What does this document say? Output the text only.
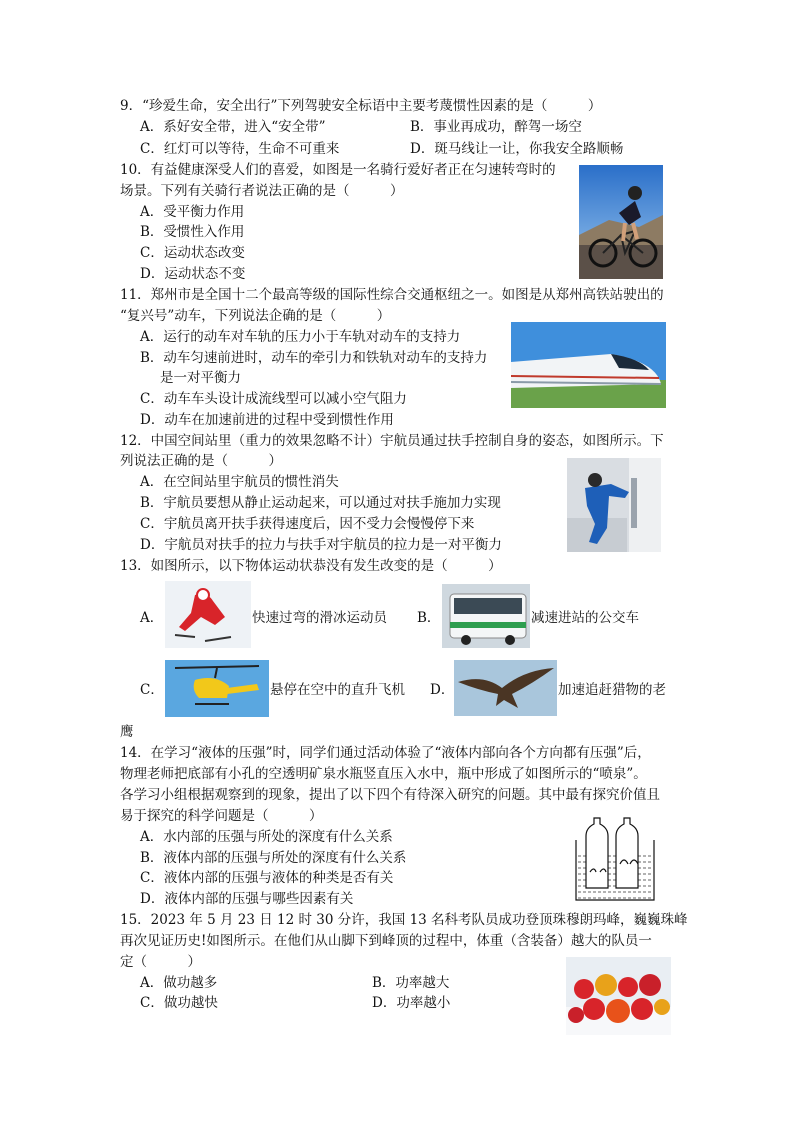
9．“珍爱生命，安全出行”下列驾驶安全标语中主要考蔑惯性因素的是（　　　）
A．系好安全带，进入“安全带”	B．事业再成功，醉驾一场空
C．红灯可以等待，生命不可重来	D．斑马线让一让，你我安全路顺畅
10．有益健康深受人们的喜爱，如图是一名骑行爱好者正在匀速转弯时的
场景。下列有关骑行者说法正确的是（　　　）
A．受平衡力作用
B．受惯性入作用
C．运动状态改变
D．运动状态不变
11．郑州市是全国十二个最高等级的国际性综合交通枢纽之一。如图是从郑州高铁站驶出的
“复兴号”动车，下列说法企确的是（　　　）
A．运行的动车对车轨的压力小于车轨对动车的支持力
B．动车匀速前进时，动车的牵引力和铁轨对动车的支持力
是一对平衡力
C．动车车头设计成流线型可以减小空气阻力
D．动车在加速前进的过程中受到惯性作用
12．中国空间站里（重力的效果忽略不计）宇航员通过扶手控制自身的姿态，如图所示。下
列说法正确的是（　　　）
A．在空间站里宇航员的惯性消失
B．宇航员要想从静止运动起来，可以通过对扶手施加力实现
C．宇航员离开扶手获得速度后，因不受力会慢慢停下来
D．宇航员对扶手的拉力与扶手对宇航员的拉力是一对平衡力
13．如图所示，以下物体运动状恭没有发生改变的是（　　　）
A．	快速过弯的滑冰运动员 B．	减速进站的公交车
C．	悬停在空中的直升飞机 D．	加速追赶猎物的老
鹰
14．在学习“液体的压强”时，同学们通过活动体验了“液体内部向各个方向都有压强”后，
物理老师把底部有小孔的空透明矿泉水瓶竖直压入水中，瓶中形成了如图所示的“喷泉”。
各学习小组根据观察到的现象，提出了以下四个有待深入研究的问题。其中最有探究价值且
易于探究的科学问题是（　　　）
A．水内部的压强与所处的深度有什么关系
B．液体内部的压强与所处的深度有什么关系
C．液体内部的压强与液体的种类是否有关
D．液体内部的压强与哪些因素有关
15．2023 年 5 月 23 日 12 时 30 分许，我国 13 名科考队员成功登顶珠穆朗玛峰，巍巍珠峰
再次见证历史!如图所示。在他们从山脚下到峰顶的过程中，体重（含装备）越大的队员一
定（　　　）
A．做功越多	B．功率越大
C．做功越快	D．功率越小
